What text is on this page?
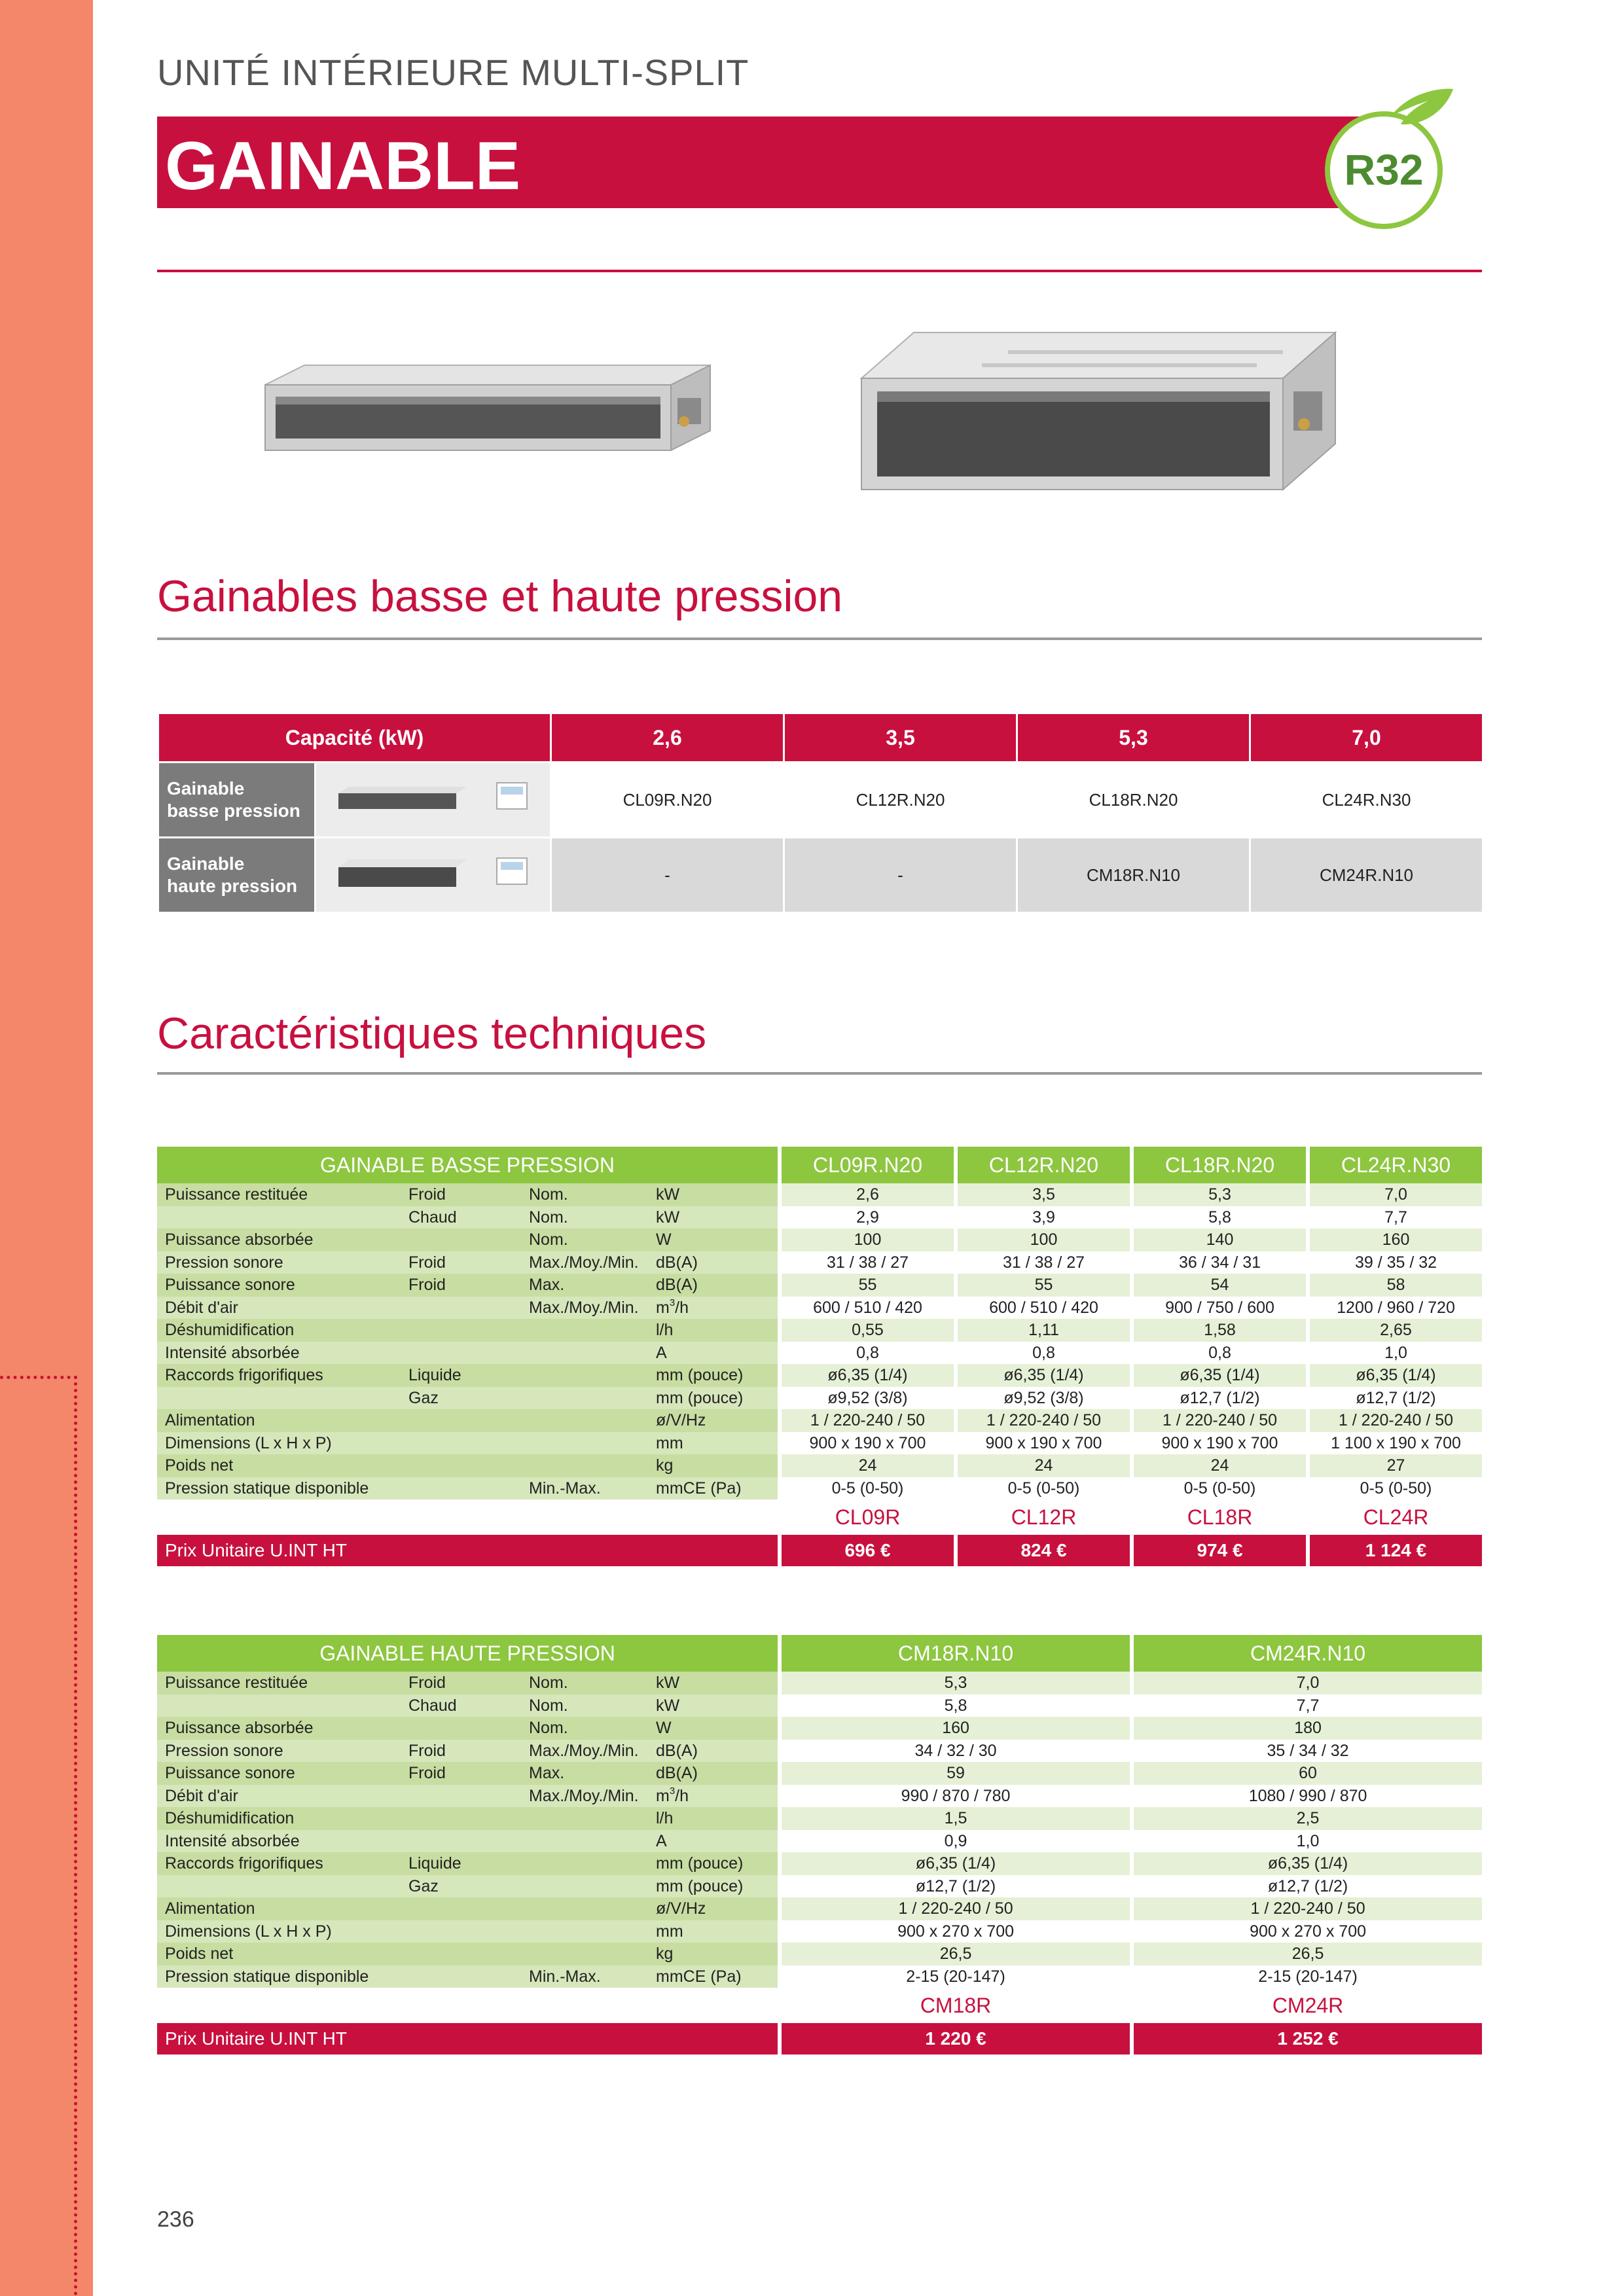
UNITÉ INTÉRIEURE MULTI-SPLIT
GAINABLE	R32
Gainables basse et haute pression
Capacité (kW)		2,6	3,5	5,3	7,0
Gainable
basse pression		CL09R.N20	CL12R.N20	CL18R.N20	CL24R.N30
Gainable
haute pression		-	-	CM18R.N10	CM24R.N10
Caractéristiques techniques
GAINABLE BASSE PRESSION				CL09R.N20	CL12R.N20	CL18R.N20	CL24R.N30
Puissance restituée	Froid	Nom.	kW	2,6	3,5	5,3	7,0
	Chaud	Nom.	kW	2,9	3,9	5,8	7,7
Puissance absorbée		Nom.	W	100	100	140	160
Pression sonore	Froid	Max./Moy./Min.	dB(A)	31 / 38 / 27	31 / 38 / 27	36 / 34 / 31	39 / 35 / 32
Puissance sonore	Froid	Max.	dB(A)	55	55	54	58
Débit d'air		Max./Moy./Min.	$m^3/h$	600 / 510 / 420	600 / 510 / 420	900 / 750 / 600	1200 / 960 / 720
Déshumidification			l/h	0,55	1,11	1,58	2,65
Intensité absorbée			A	0,8	0,8	0,8	1,0
Raccords frigorifiques	Liquide		mm (pouce)	ø6,35 (1/4)	ø6,35 (1/4)	ø6,35 (1/4)	ø6,35 (1/4)
	Gaz		mm (pouce)	ø9,52 (3/8)	ø9,52 (3/8)	ø12,7 (1/2)	ø12,7 (1/2)
Alimentation			ø/V/Hz	1 / 220-240 / 50	1 / 220-240 / 50	1 / 220-240 / 50	1 / 220-240 / 50
Dimensions (L x H x P)			mm	900 x 190 x 700	900 x 190 x 700	900 x 190 x 700	1 100 x 190 x 700
Poids net			kg	24	24	24	27
Pression statique disponible		Min.-Max.	mmCE (Pa)	0-5 (0-50)	0-5 (0-50)	0-5 (0-50)	0-5 (0-50)
				CL09R	CL12R	CL18R	CL24R
Prix Unitaire U.INT HT				696 €	824 €	974 €	1 124 €
GAINABLE HAUTE PRESSION				CM18R.N10	CM24R.N10
Puissance restituée	Froid	Nom.	kW	5,3	7,0
	Chaud	Nom.	kW	5,8	7,7
Puissance absorbée		Nom.	W	160	180
Pression sonore	Froid	Max./Moy./Min.	dB(A)	34 / 32 / 30	35 / 34 / 32
Puissance sonore	Froid	Max.	dB(A)	59	60
Débit d'air		Max./Moy./Min.	$m^3/h$	990 / 870 / 780	1080 / 990 / 870
Déshumidification			l/h	1,5	2,5
Intensité absorbée			A	0,9	1,0
Raccords frigorifiques	Liquide		mm (pouce)	ø6,35 (1/4)	ø6,35 (1/4)
	Gaz		mm (pouce)	ø12,7 (1/2)	ø12,7 (1/2)
Alimentation			ø/V/Hz	1 / 220-240 / 50	1 / 220-240 / 50
Dimensions (L x H x P)			mm	900 x 270 x 700	900 x 270 x 700
Poids net			kg	26,5	26,5
Pression statique disponible		Min.-Max.	mmCE (Pa)	2-15 (20-147)	2-15 (20-147)
				CM18R	CM24R
Prix Unitaire U.INT HT				1 220 €	1 252 €
236
